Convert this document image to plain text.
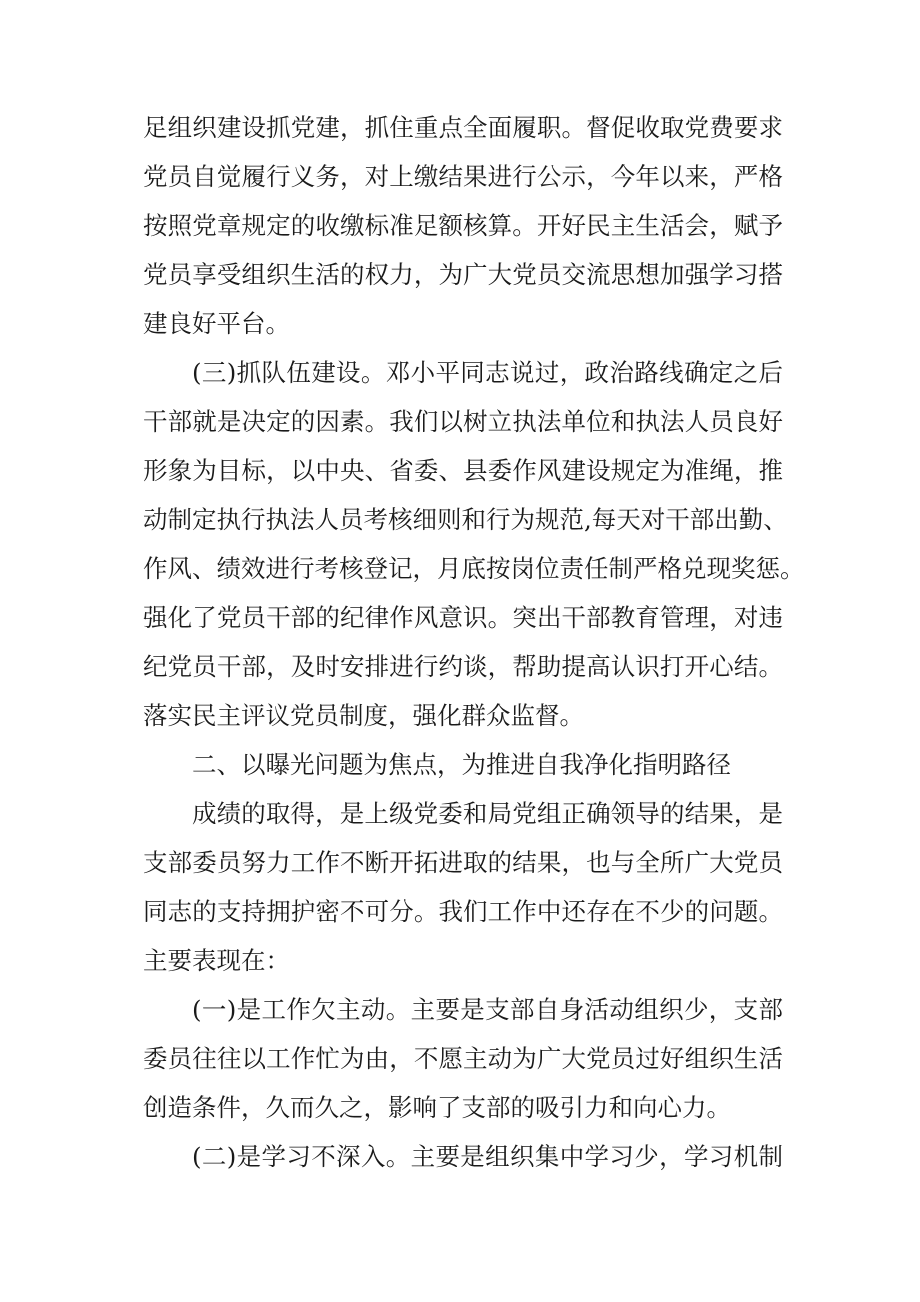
足组织建设抓党建，抓住重点全面履职。督促收取党费要求
党员自觉履行义务，对上缴结果进行公示，今年以来，严格
按照党章规定的收缴标准足额核算。开好民主生活会，赋予
党员享受组织生活的权力，为广大党员交流思想加强学习搭
建良好平台。
(三)抓队伍建设。邓小平同志说过，政治路线确定之后
干部就是决定的因素。我们以树立执法单位和执法人员良好
形象为目标，以中央、省委、县委作风建设规定为准绳，推
动制定执行执法人员考核细则和行为规范,每天对干部出勤、
作风、绩效进行考核登记，月底按岗位责任制严格兑现奖惩。
强化了党员干部的纪律作风意识。突出干部教育管理，对违
纪党员干部，及时安排进行约谈，帮助提高认识打开心结。
落实民主评议党员制度，强化群众监督。
二、以曝光问题为焦点，为推进自我净化指明路径
成绩的取得，是上级党委和局党组正确领导的结果，是
支部委员努力工作不断开拓进取的结果，也与全所广大党员
同志的支持拥护密不可分。我们工作中还存在不少的问题。
主要表现在：
(一)是工作欠主动。主要是支部自身活动组织少，支部
委员往往以工作忙为由，不愿主动为广大党员过好组织生活
创造条件，久而久之，影响了支部的吸引力和向心力。
(二)是学习不深入。主要是组织集中学习少，学习机制
